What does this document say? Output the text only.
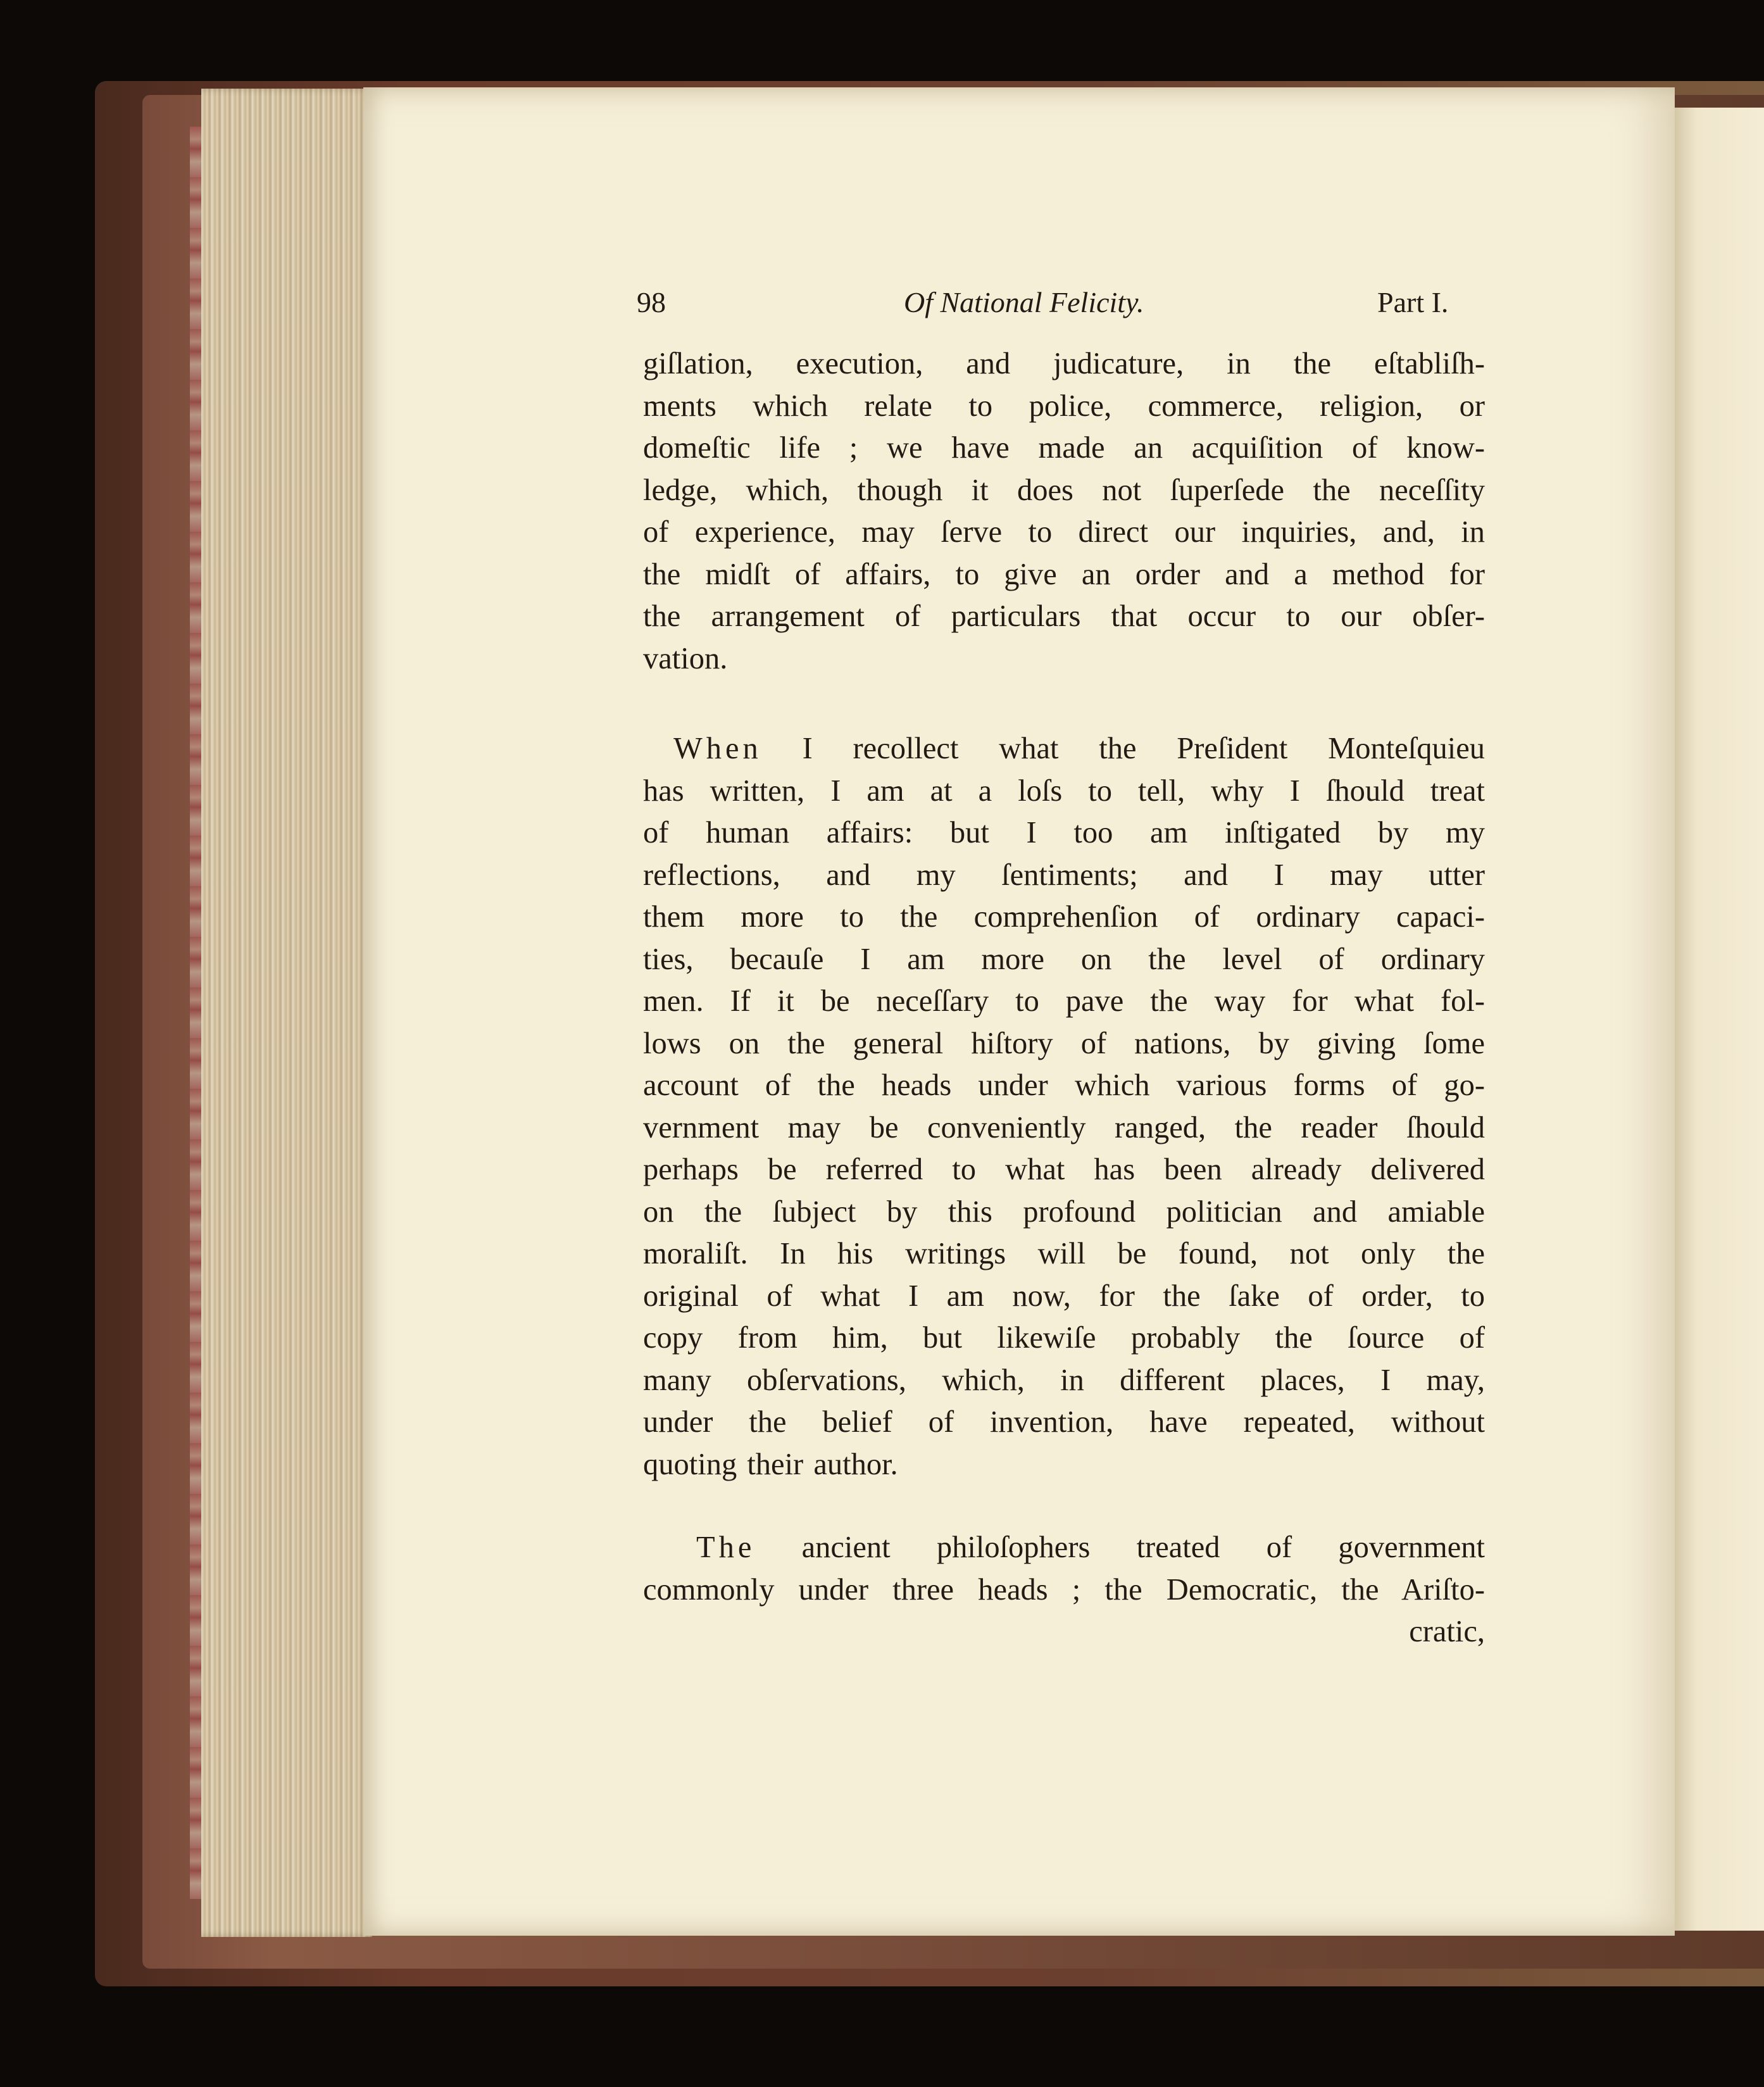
98	Of National Felicity.	Part I.
giſlation, execution, and judicature, in the eſtabliſh-
ments which relate to police, commerce, religion, or
domeſtic life ; we have made an acquiſition of know-
ledge, which, though it does not ſuperſede the neceſſity
of experience, may ſerve to direct our inquiries, and, in
the midſt of affairs, to give an order and a method for
the arrangement of particulars that occur to our obſer-
vation.
When I recollect what the Preſident Monteſquieu
has written, I am at a loſs to tell, why I ſhould treat
of human affairs: but I too am inſtigated by my
reflections, and my ſentiments; and I may utter
them more to the comprehenſion of ordinary capaci-
ties, becauſe I am more on the level of ordinary
men. If it be neceſſary to pave the way for what fol-
lows on the general hiſtory of nations, by giving ſome
account of the heads under which various forms of go-
vernment may be conveniently ranged, the reader ſhould
perhaps be referred to what has been already delivered
on the ſubject by this profound politician and amiable
moraliſt. In his writings will be found, not only the
original of what I am now, for the ſake of order, to
copy from him, but likewiſe probably the ſource of
many obſervations, which, in different places, I may,
under the belief of invention, have repeated, without
quoting their author.
The ancient philoſophers treated of government
commonly under three heads ; the Democratic, the Ariſto-
cratic,
